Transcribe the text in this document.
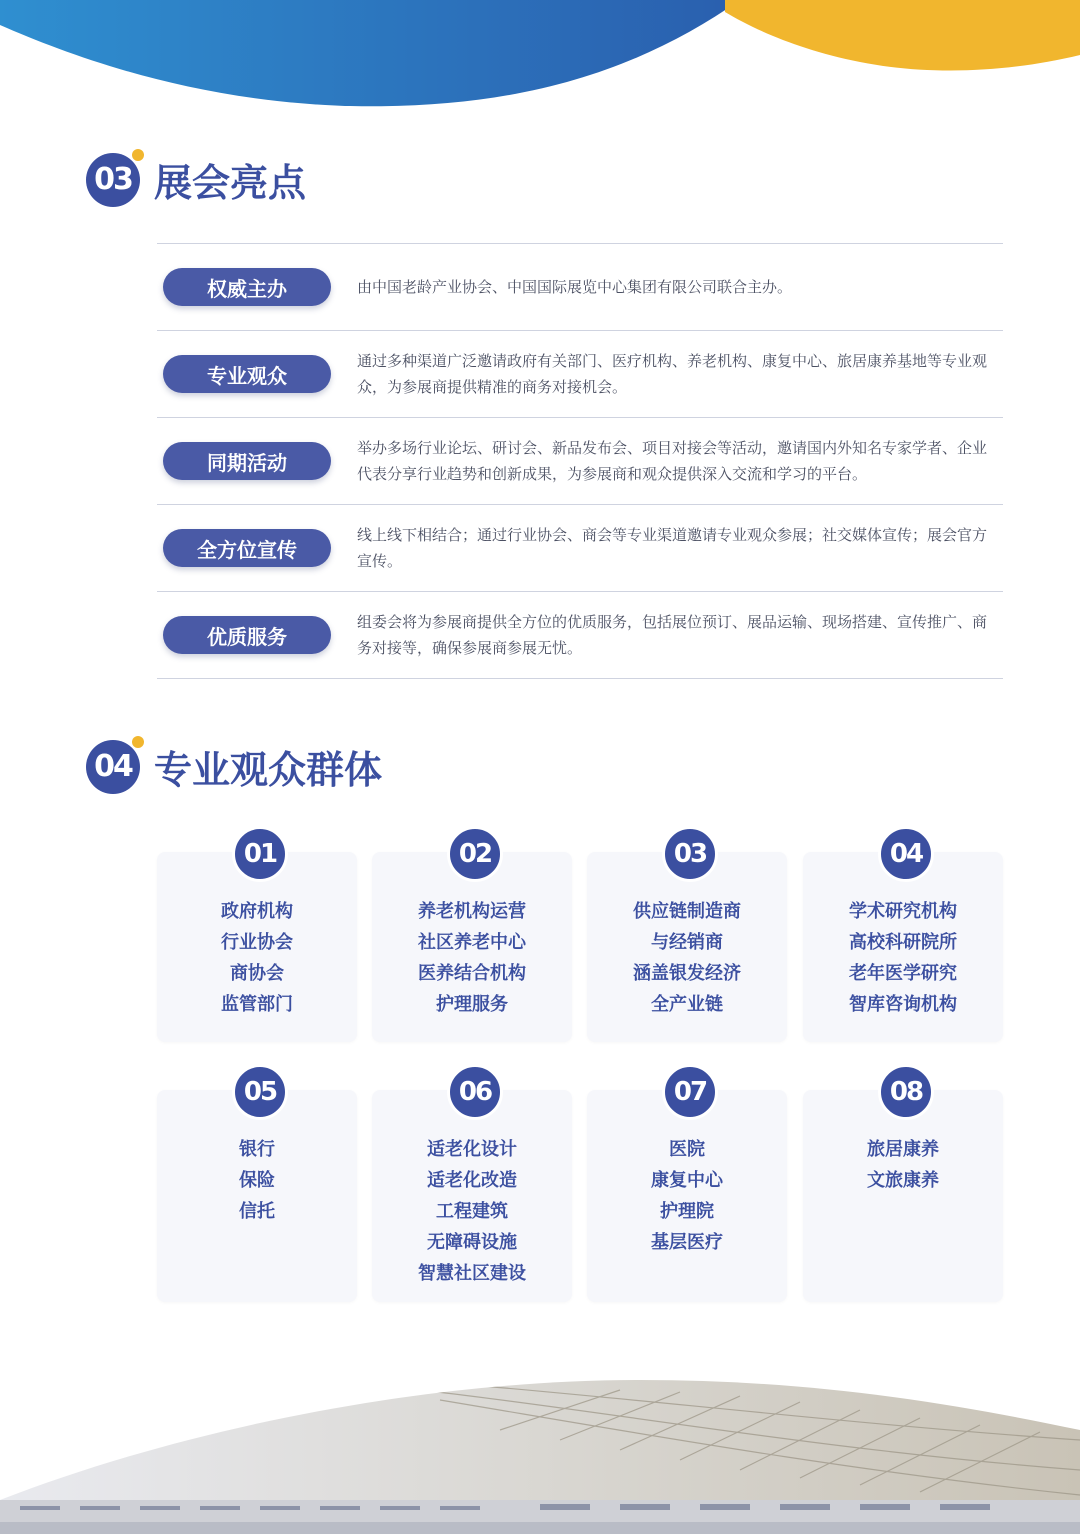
03 展会亮点
权威主办	由中国老龄产业协会、中国国际展览中心集团有限公司联合主办。
专业观众
通过多种渠道广泛邀请政府有关部门、医疗机构、养老机构、康复中心、旅居康养基地等专业观众，为参展商提供精准的商务对接机会。
同期活动
举办多场行业论坛、研讨会、新品发布会、项目对接会等活动，邀请国内外知名专家学者、企业代表分享行业趋势和创新成果，为参展商和观众提供深入交流和学习的平台。
全方位宣传
线上线下相结合；通过行业协会、商会等专业渠道邀请专业观众参展；社交媒体宣传；展会官方宣传。
优质服务
组委会将为参展商提供全方位的优质服务，包括展位预订、展品运输、现场搭建、宣传推广、商务对接等，确保参展商参展无忧。
04 专业观众群体
01
政府机构
行业协会
商协会
监管部门
02
养老机构运营
社区养老中心
医养结合机构
护理服务
03
供应链制造商
与经销商
涵盖银发经济
全产业链
04
学术研究机构
高校科研院所
老年医学研究
智库咨询机构
05
银行
保险
信托
06
适老化设计
适老化改造
工程建筑
无障碍设施
智慧社区建设
07
医院
康复中心
护理院
基层医疗
08
旅居康养
文旅康养
